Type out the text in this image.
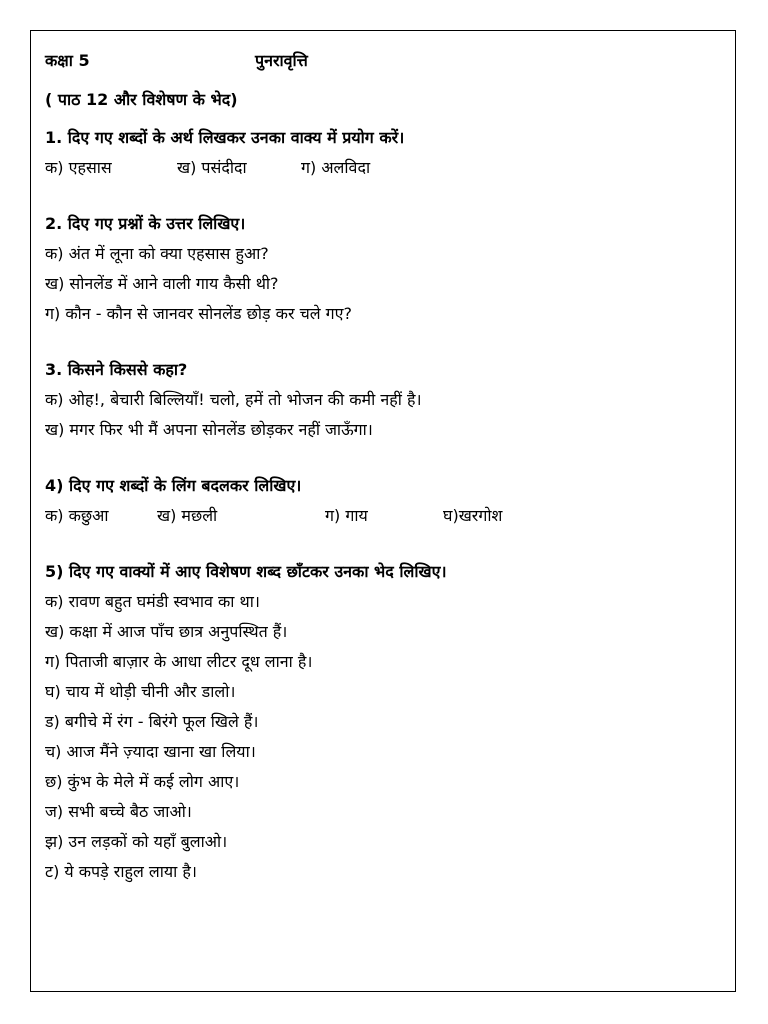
कक्षा 5	पुनरावृत्ति
( पाठ 12 और विशेषण के भेद)
1. दिए गए शब्दों के अर्थ लिखकर उनका वाक्य में प्रयोग करें।
क) एहसास	ख) पसंदीदा	ग) अलविदा
2. दिए गए प्रश्नों के उत्तर लिखिए।
क) अंत में लूना को क्या एहसास हुआ?
ख) सोनलेंड में आने वाली गाय कैसी थी?
ग) कौन - कौन से जानवर सोनलेंड छोड़ कर चले गए?
3. किसने किससे कहा?
क) ओह!, बेचारी बिल्लियाँ! चलो, हमें तो भोजन की कमी नहीं है।
ख) मगर फिर भी मैं अपना सोनलेंड छोड़कर नहीं जाऊँगा।
4) दिए गए शब्दों के लिंग बदलकर लिखिए।
क) कछुआ	ख) मछली	ग) गाय	घ)खरगोश
5) दिए गए वाक्यों में आए विशेषण शब्द छाँटकर उनका भेद लिखिए।
क) रावण बहुत घमंडी स्वभाव का था।
ख) कक्षा में आज पाँच छात्र अनुपस्थित हैं।
ग) पिताजी बाज़ार के आधा लीटर दूध लाना है।
घ) चाय में थोड़ी चीनी और डालो।
ड) बगीचे में रंग - बिरंगे फूल खिले हैं।
च) आज मैंने ज़्यादा खाना खा लिया।
छ) कुंभ के मेले में कई लोग आए।
ज) सभी बच्चे बैठ जाओ।
झ) उन लड़कों को यहाँ बुलाओ।
ट) ये कपड़े राहुल लाया है।
